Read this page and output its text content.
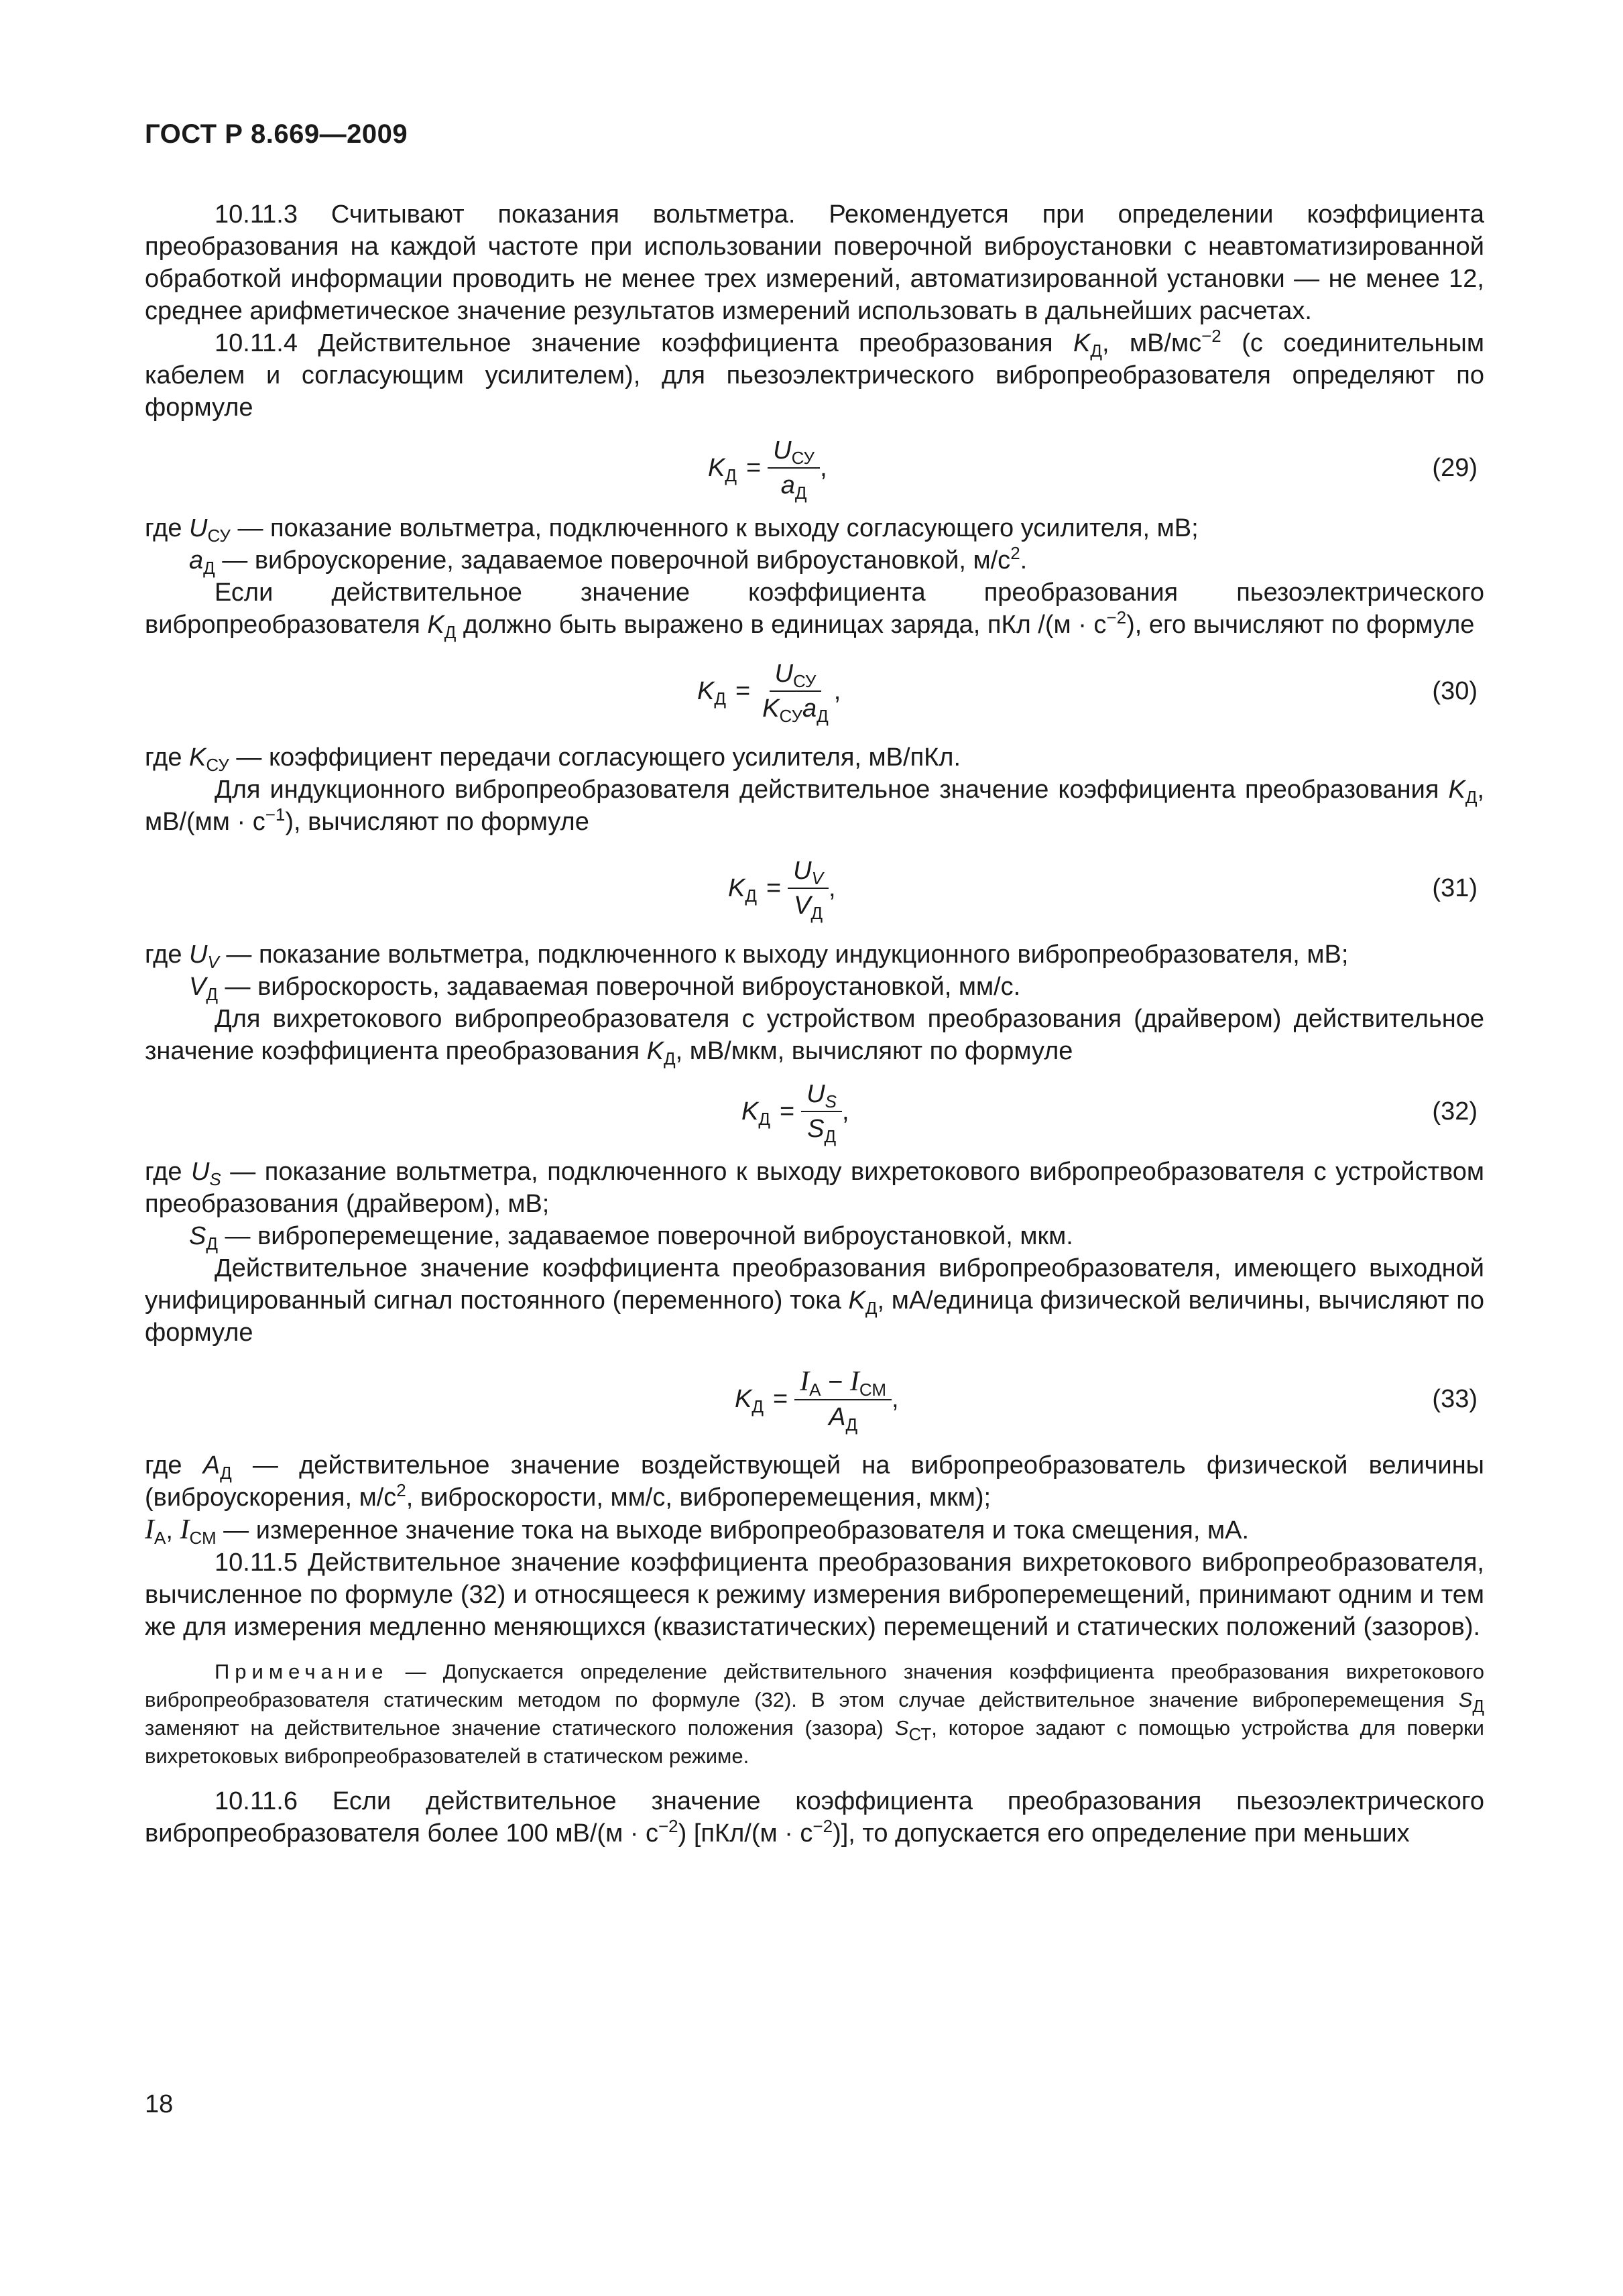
ГОСТ Р 8.669—2009

10.11.3 Считывают показания вольтметра. Рекомендуется при определении коэффициента преобразования на каждой частоте при использовании поверочной виброустановки с неавтоматизированной обработкой информации проводить не менее трех измерений, автоматизированной установки — не менее 12, среднее арифметическое значение результатов измерений использовать в дальнейших расчетах.

10.11.4 Действительное значение коэффициента преобразования $K_Д$, $мВ/мс^{-2}$ (с соединительным кабелем и согласующим усилителем), для пьезоэлектрического вибропреобразователя определяют по формуле

$K_Д = \frac{U_{СУ}}{a_Д}$ ,	(29)

где $U_{СУ}$ — показание вольтметра, подключенного к выходу согласующего усилителя, мВ;

$a_Д$ — виброускорение, задаваемое поверочной виброустановкой, $м/с^2$.

Если действительное значение коэффициента преобразования пьезоэлектрического вибропреобразователя $K_Д$ должно быть выражено в единицах заряда, пКл $/(м \cdot с^{-2})$, его вычисляют по формуле

$K_Д = \frac{U_{СУ}}{K_{СУ}a_Д}$ ,	(30)

где $K_{СУ}$ — коэффициент передачи согласующего усилителя, мВ/пКл.

Для индукционного вибропреобразователя действительное значение коэффициента преобразования $K_Д$, $мВ/(мм \cdot с^{-1})$, вычисляют по формуле

$K_Д = \frac{U_V}{V_Д}$ ,	(31)

где $U_V$ — показание вольтметра, подключенного к выходу индукционного вибропреобразователя, мВ;

$V_Д$ — виброскорость, задаваемая поверочной виброустановкой, мм/с.

Для вихретокового вибропреобразователя с устройством преобразования (драйвером) действительное значение коэффициента преобразования $K_Д$, мВ/мкм, вычисляют по формуле

$K_Д = \frac{U_S}{S_Д}$ ,	(32)

где $U_S$ — показание вольтметра, подключенного к выходу вихретокового вибропреобразователя с устройством преобразования (драйвером), мВ;

$S_Д$ — виброперемещение, задаваемое поверочной виброустановкой, мкм.

Действительное значение коэффициента преобразования вибропреобразователя, имеющего выходной унифицированный сигнал постоянного (переменного) тока $K_Д$, мА/единица физической величины, вычисляют по формуле

$K_Д = \frac{I_А - I_{СМ}}{A_Д}$ ,	(33)

где $A_Д$ — действительное значение воздействующей на вибропреобразователь физической величины (виброускорения, $м/с^2$, виброскорости, мм/с, виброперемещения, мкм);

$I_А$, $I_{СМ}$ — измеренное значение тока на выходе вибропреобразователя и тока смещения, мА.

10.11.5 Действительное значение коэффициента преобразования вихретокового вибропреобразователя, вычисленное по формуле (32) и относящееся к режиму измерения виброперемещений, принимают одним и тем же для измерения медленно меняющихся (квазистатических) перемещений и статических положений (зазоров).

Примечание — Допускается определение действительного значения коэффициента преобразования вихретокового вибропреобразователя статическим методом по формуле (32). В этом случае действительное значение виброперемещения $S_Д$ заменяют на действительное значение статического положения (зазора) $S_{СТ}$, которое задают с помощью устройства для поверки вихретоковых вибропреобразователей в статическом режиме.

10.11.6 Если действительное значение коэффициента преобразования пьезоэлектрического вибропреобразователя более 100 $мВ/(м \cdot с^{-2})$ $[пКл/(м \cdot с^{-2})]$, то допускается его определение при меньших

18
